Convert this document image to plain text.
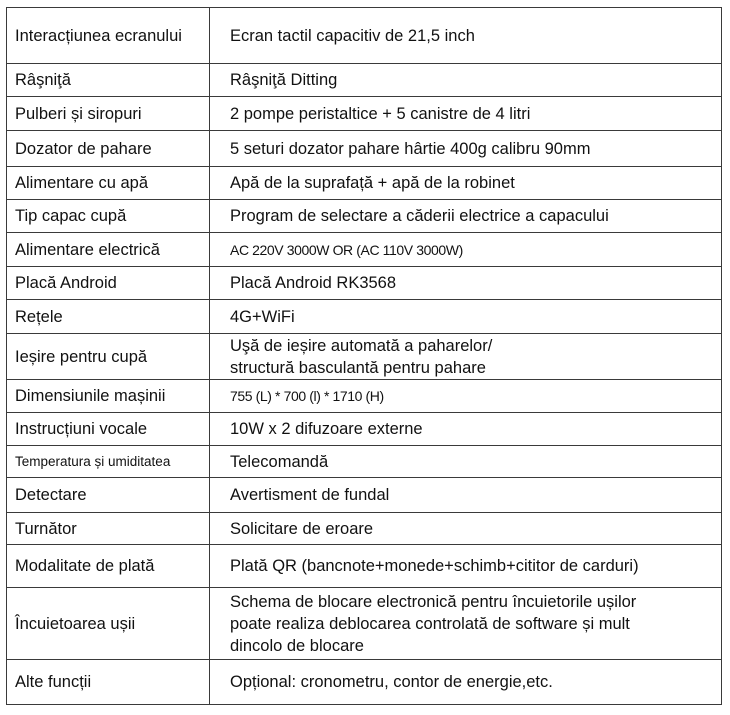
Interacțiunea ecranului	Ecran tactil capacitiv de 21,5 inch
Râşniţă	Râşniţă Ditting
Pulberi și siropuri	2 pompe peristaltice + 5 canistre de 4 litri
Dozator de pahare	5 seturi dozator pahare hârtie 400g calibru 90mm
Alimentare cu apă	Apă de la suprafață + apă de la robinet
Tip capac cupă	Program de selectare a căderii electrice a capacului
Alimentare electrică	AC 220V 3000W OR (AC 110V 3000W)
Placă Android	Placă Android RK3568
Rețele	4G+WiFi
Ieșire pentru cupă	Uşă de ieșire automată a paharelor/
structură basculantă pentru pahare

Dimensiunile mașinii	755 (L) * 700 (l) * 1710 (H)
Instrucțiuni vocale	10W x 2 difuzoare externe
Temperatura și umiditatea	Telecomandă
Detectare	Avertisment de fundal
Turnător	Solicitare de eroare
Modalitate de plată	Plată QR (bancnote+monede+schimb+cititor de carduri)
Încuietoarea ușii	Schema de blocare electronică pentru încuietorile ușilor
poate realiza deblocarea controlată de software și mult
dincolo de blocare

Alte funcții	Opțional: cronometru, contor de energie,etc.
